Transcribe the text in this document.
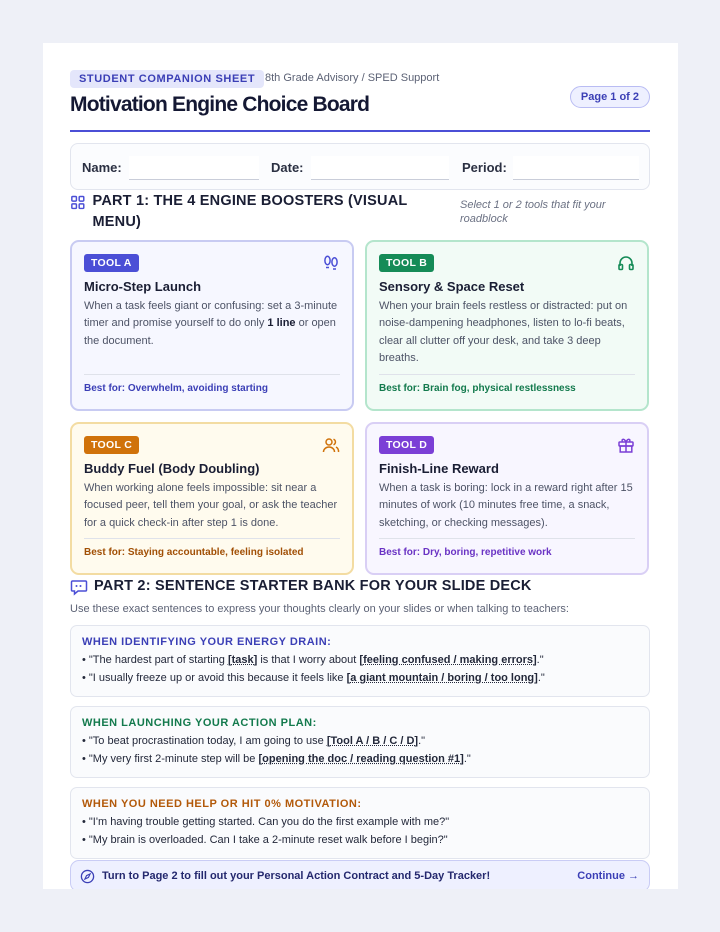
STUDENT COMPANION SHEET 8th Grade Advisory / SPED Support
Motivation Engine Choice Board	Page 1 of 2
Name:	Date:	Period:
PART 1: THE 4 ENGINE BOOSTERS (VISUAL MENU)
Select 1 or 2 tools that fit your roadblock
TOOL A
Micro-Step Launch
When a task feels giant or confusing: set a 3-minute timer and promise yourself to do only 1 line or open the document.
Best for: Overwhelm, avoiding starting
TOOL B
Sensory & Space Reset
When your brain feels restless or distracted: put on noise-dampening headphones, listen to lo-fi beats, clear all clutter off your desk, and take 3 deep breaths.
Best for: Brain fog, physical restlessness
TOOL C
Buddy Fuel (Body Doubling)
When working alone feels impossible: sit near a focused peer, tell them your goal, or ask the teacher for a quick check-in after step 1 is done.
Best for: Staying accountable, feeling isolated
TOOL D
Finish-Line Reward
When a task is boring: lock in a reward right after 15 minutes of work (10 minutes free time, a snack, sketching, or checking messages).
Best for: Dry, boring, repetitive work
PART 2: SENTENCE STARTER BANK FOR YOUR SLIDE DECK
Use these exact sentences to express your thoughts clearly on your slides or when talking to teachers:
WHEN IDENTIFYING YOUR ENERGY DRAIN:
• "The hardest part of starting [task] is that I worry about [feeling confused / making errors]."
• "I usually freeze up or avoid this because it feels like [a giant mountain / boring / too long]."
WHEN LAUNCHING YOUR ACTION PLAN:
• "To beat procrastination today, I am going to use [Tool A / B / C / D]."
• "My very first 2-minute step will be [opening the doc / reading question #1]."
WHEN YOU NEED HELP OR HIT 0% MOTIVATION:
• "I'm having trouble getting started. Can you do the first example with me?"
• "My brain is overloaded. Can I take a 2-minute reset walk before I begin?"
Turn to Page 2 to fill out your Personal Action Contract and 5-Day Tracker!	Continue →
